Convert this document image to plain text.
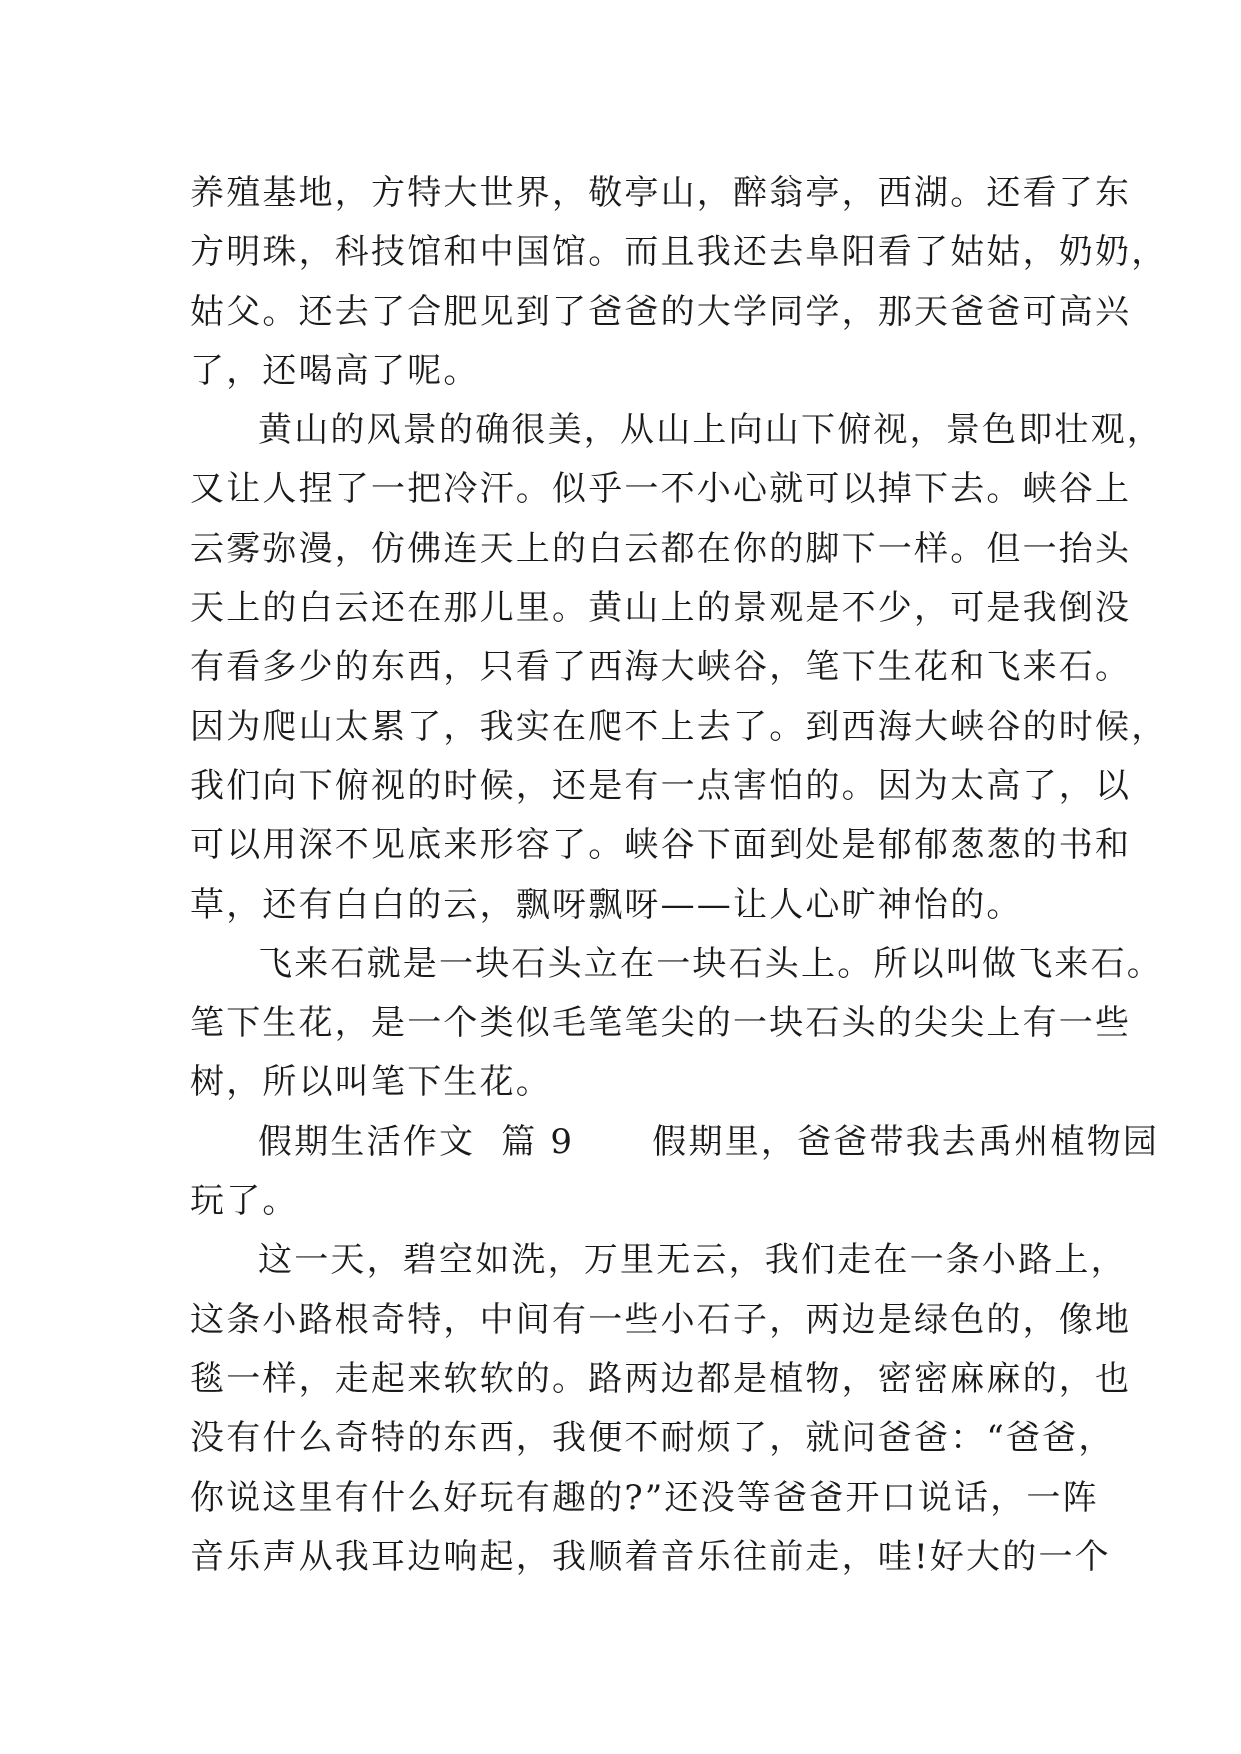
养殖基地，方特大世界，敬亭山，醉翁亭，西湖。还看了东
方明珠，科技馆和中国馆。而且我还去阜阳看了姑姑，奶奶，
姑父。还去了合肥见到了爸爸的大学同学，那天爸爸可高兴
了，还喝高了呢。
黄山的风景的确很美，从山上向山下俯视，景色即壮观，
又让人捏了一把冷汗。似乎一不小心就可以掉下去。峡谷上
云雾弥漫，仿佛连天上的白云都在你的脚下一样。但一抬头
天上的白云还在那儿里。黄山上的景观是不少，可是我倒没
有看多少的东西，只看了西海大峡谷，笔下生花和飞来石。
因为爬山太累了，我实在爬不上去了。到西海大峡谷的时候，
我们向下俯视的时候，还是有一点害怕的。因为太高了，以
可以用深不见底来形容了。峡谷下面到处是郁郁葱葱的书和
草，还有白白的云，飘呀飘呀——让人心旷神怡的。
飞来石就是一块石头立在一块石头上。所以叫做飞来石。
笔下生花，是一个类似毛笔笔尖的一块石头的尖尖上有一些
树，所以叫笔下生花。
假期生活作文  篇 9      假期里，爸爸带我去禹州植物园
玩了。
这一天，碧空如洗，万里无云，我们走在一条小路上，
这条小路根奇特，中间有一些小石子，两边是绿色的，像地
毯一样，走起来软软的。路两边都是植物，密密麻麻的，也
没有什么奇特的东西，我便不耐烦了，就问爸爸：“爸爸，
你说这里有什么好玩有趣的?”还没等爸爸开口说话，一阵
音乐声从我耳边响起，我顺着音乐往前走，哇!好大的一个
